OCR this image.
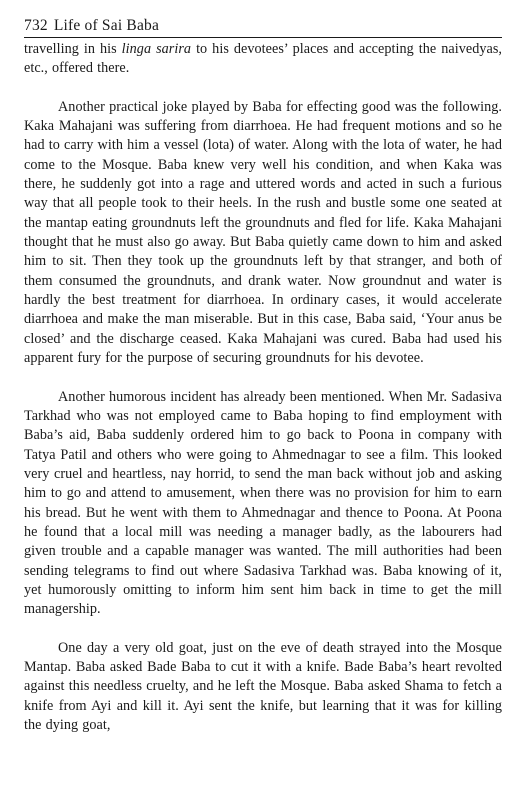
732 Life of Sai Baba

travelling in his linga sarira to his devotees’ places and accepting the naivedyas, etc., offered there.

Another practical joke played by Baba for effecting good was the following. Kaka Mahajani was suffering from diarrhoea. He had frequent motions and so he had to carry with him a vessel (lota) of water. Along with the lota of water, he had come to the Mosque. Baba knew very well his condition, and when Kaka was there, he suddenly got into a rage and uttered words and acted in such a furious way that all people took to their heels. In the rush and bustle some one seated at the mantap eating groundnuts left the groundnuts and fled for life. Kaka Mahajani thought that he must also go away. But Baba quietly came down to him and asked him to sit. Then they took up the groundnuts left by that stranger, and both of them consumed the groundnuts, and drank water. Now groundnut and water is hardly the best treatment for diarrhoea. In ordinary cases, it would accelerate diarrhoea and make the man miserable. But in this case, Baba said, ‘Your anus be closed’ and the discharge ceased. Kaka Mahajani was cured. Baba had used his apparent fury for the purpose of securing groundnuts for his devotee.

Another humorous incident has already been mentioned. When Mr. Sadasiva Tarkhad who was not employed came to Baba hoping to find employment with Baba’s aid, Baba suddenly ordered him to go back to Poona in company with Tatya Patil and others who were going to Ahmednagar to see a film. This looked very cruel and heartless, nay horrid, to send the man back without job and asking him to go and attend to amusement, when there was no provision for him to earn his bread. But he went with them to Ahmednagar and thence to Poona. At Poona he found that a local mill was needing a manager badly, as the labourers had given trouble and a capable manager was wanted. The mill authorities had been sending telegrams to find out where Sadasiva Tarkhad was. Baba knowing of it, yet humorously omitting to inform him sent him back in time to get the mill managership.

One day a very old goat, just on the eve of death strayed into the Mosque Mantap. Baba asked Bade Baba to cut it with a knife. Bade Baba’s heart revolted against this needless cruelty, and he left the Mosque. Baba asked Shama to fetch a knife from Ayi and kill it. Ayi sent the knife, but learning that it was for killing the dying goat,
